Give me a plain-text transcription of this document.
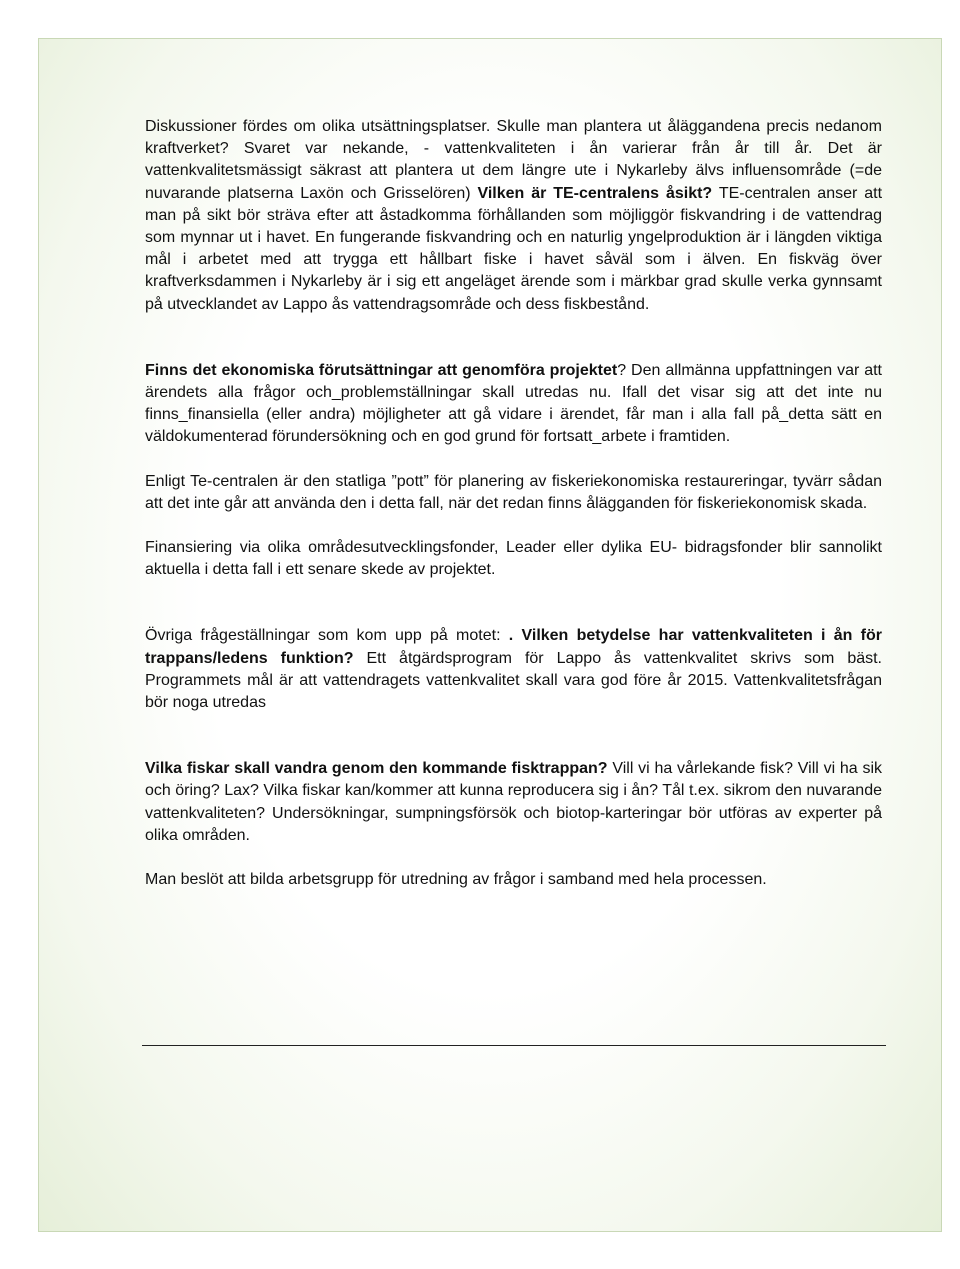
Diskussioner fördes om olika utsättningsplatser. Skulle man plantera ut åläggandena precis nedanom kraftverket? Svaret var nekande, - vattenkvaliteten i ån varierar från år till år. Det är vattenkvalitetsmässigt säkrast att plantera ut dem längre ute i Nykarleby älvs influensområde (=de nuvarande platserna Laxön och Grisselören) Vilken är TE-centralens åsikt? TE-centralen anser att man på sikt bör sträva efter att åstadkomma förhållanden som möjliggör fiskvandring i de vattendrag som mynnar ut i havet. En fungerande fiskvandring och en naturlig yngelproduktion är i längden viktiga mål i arbetet med att trygga ett hållbart fiske i havet såväl som i älven. En fiskväg över kraftverksdammen i Nykarleby är i sig ett angeläget ärende som i märkbar grad skulle verka gynnsamt på utvecklandet av Lappo ås vattendragsområde och dess fiskbestånd.

Finns det ekonomiska förutsättningar att genomföra projektet? Den allmänna uppfattningen var att ärendets alla frågor och_problemställningar skall utredas nu. Ifall det visar sig att det inte nu finns_finansiella (eller andra) möjligheter att gå vidare i ärendet, får man i alla fall på_detta sätt en väldokumenterad förundersökning och en god grund för fortsatt_arbete i framtiden.

Enligt Te-centralen är den statliga ”pott” för planering av fiskeriekonomiska restaureringar, tyvärr sådan att det inte går att använda den i detta fall, när det redan finns ålägganden för fiskeriekonomisk skada.

Finansiering via olika områdesutvecklingsfonder, Leader eller dylika EU- bidragsfonder blir sannolikt aktuella i detta fall i ett senare skede av projektet.

Övriga frågeställningar som kom upp på motet: . Vilken betydelse har vattenkvaliteten i ån för trappans/ledens funktion? Ett åtgärdsprogram för Lappo ås vattenkvalitet skrivs som bäst. Programmets mål är att vattendragets vattenkvalitet skall vara god före år 2015. Vattenkvalitetsfrågan bör noga utredas

Vilka fiskar skall vandra genom den kommande fisktrappan? Vill vi ha vårlekande fisk? Vill vi ha sik och öring? Lax? Vilka fiskar kan/kommer att kunna reproducera sig i ån? Tål t.ex. sikrom den nuvarande vattenkvaliteten? Undersökningar, sumpningsförsök och biotop-karteringar bör utföras av experter på olika områden.

Man beslöt att bilda arbetsgrupp för utredning av frågor i samband med hela processen.
